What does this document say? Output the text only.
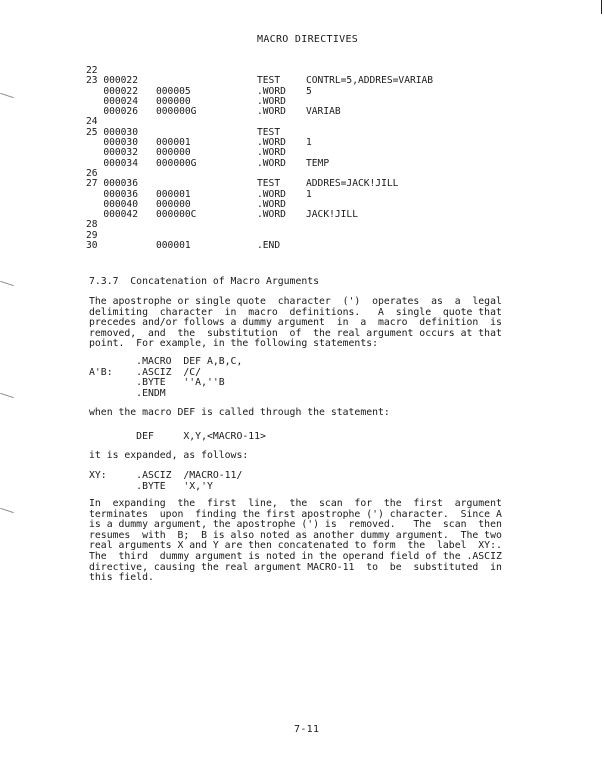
MACRO DIRECTIVES
22
23 000022	TEST	CONTRL=5,ADDRES=VARIAB
000022 000005	.WORD 5
000024 000000	.WORD
000026 000000G	.WORD VARIAB
24
25 000030	TEST
000030 000001	.WORD 1
000032 000000	.WORD
000034 000000G	.WORD TEMP
26
27 000036	TEST	ADDRES=JACK!JILL
000036 000001	.WORD 1
000040 000000	.WORD
000042 000000C	.WORD JACK!JILL
28
29
30	000001	.END
7.3.7  Concatenation of Macro Arguments
The apostrophe or single quote  character  (')  operates  as  a  legal
delimiting  character  in  macro  definitions.   A  single  quote that
precedes and/or follows a dummy argument  in  a  macro  definition  is
removed,  and  the  substitution  of  the real argument occurs at that
point.  For example, in the following statements:
.MACRO  DEF A,B,C,
A'B:    .ASCIZ  /C/
.BYTE   ''A,''B
.ENDM
when the macro DEF is called through the statement:
DEF     X,Y,<MACRO-11>
it is expanded, as follows:
XY:     .ASCIZ  /MACRO-11/
.BYTE   'X,'Y
In  expanding  the  first  line,  the  scan  for  the  first  argument
terminates  upon  finding the first apostrophe (') character.  Since A
is a dummy argument, the apostrophe (') is  removed.   The  scan  then
resumes  with  B;  B is also noted as another dummy argument.  The two
real arguments X and Y are then concatenated to form  the  label  XY:.
The  third  dummy argument is noted in the operand field of the .ASCIZ
directive, causing the real argument MACRO-11  to  be  substituted  in
this field.
7-11
